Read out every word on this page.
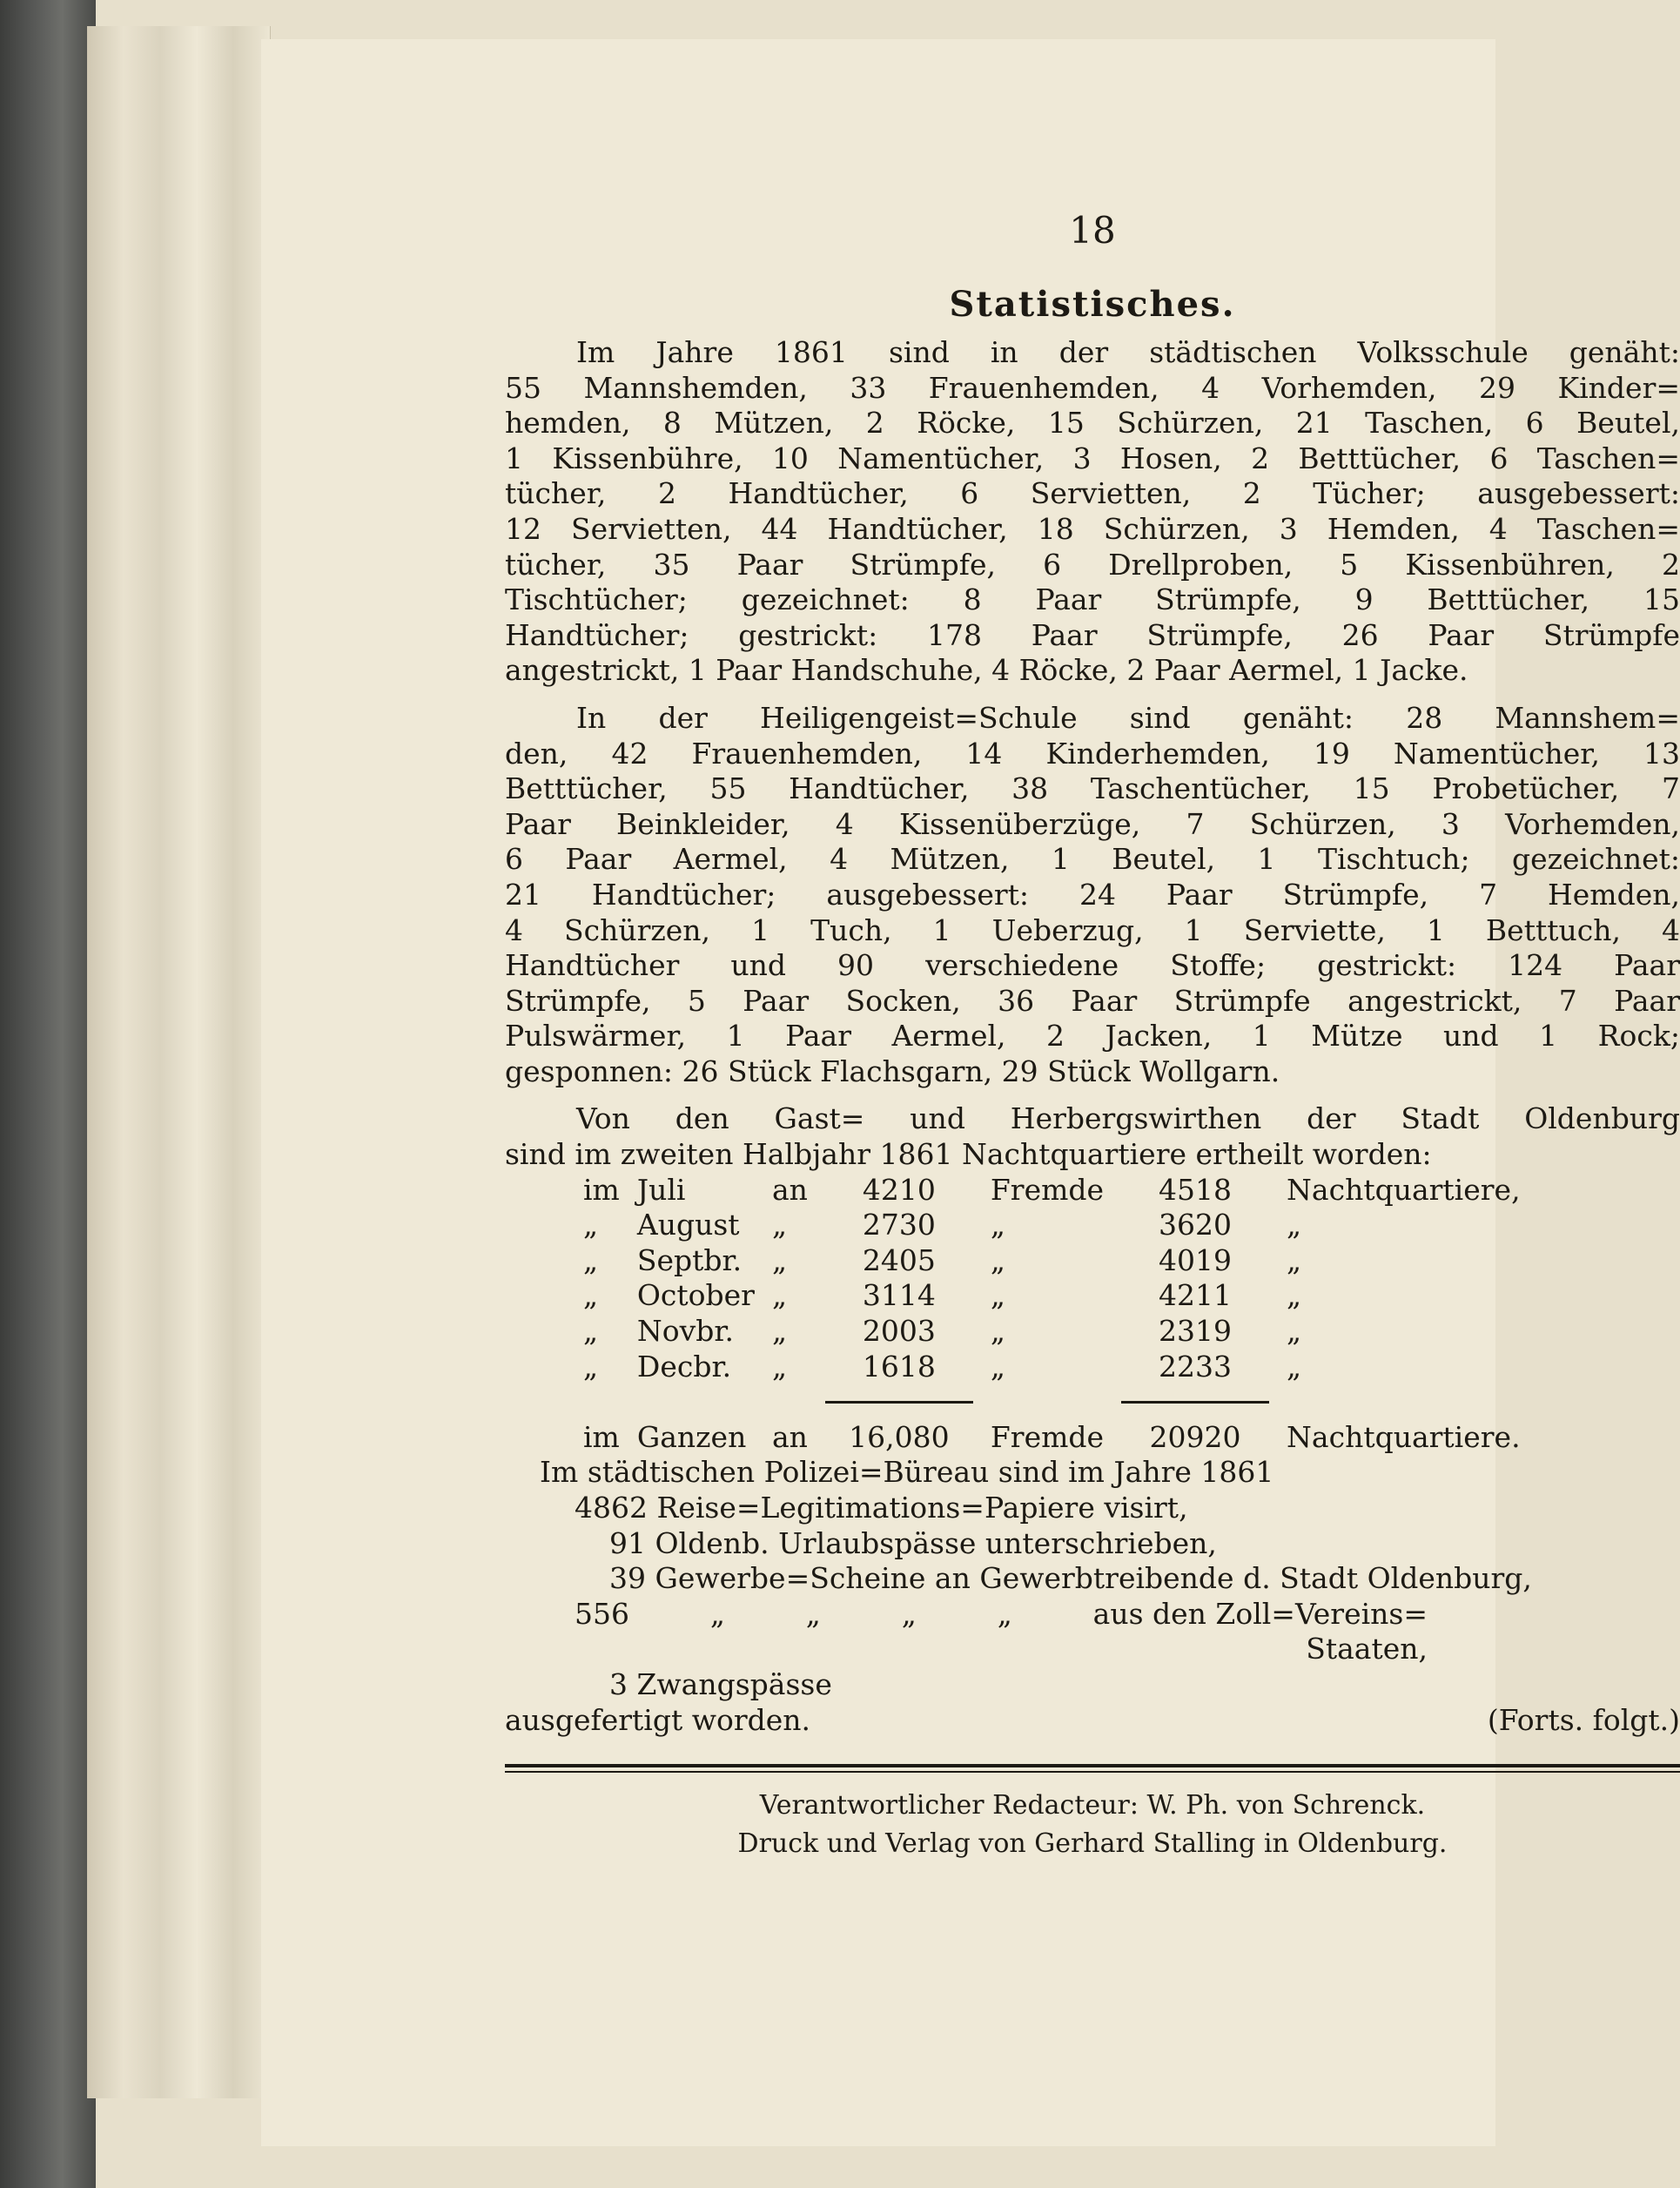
18
Statistisches.

Im Jahre 1861 sind in der städtischen Volksschule genäht:

55 Mannshemden, 33 Frauenhemden, 4 Vorhemden, 29 Kinder=

hemden, 8 Mützen, 2 Röcke, 15 Schürzen, 21 Taschen, 6 Beutel,

1 Kissenbühre, 10 Namentücher, 3 Hosen, 2 Betttücher, 6 Taschen=

tücher, 2 Handtücher, 6 Servietten, 2 Tücher; ausgebessert:

12 Servietten, 44 Handtücher, 18 Schürzen, 3 Hemden, 4 Taschen=

tücher, 35 Paar Strümpfe, 6 Drellproben, 5 Kissenbühren, 2

Tischtücher; gezeichnet: 8 Paar Strümpfe, 9 Betttücher, 15

Handtücher; gestrickt: 178 Paar Strümpfe, 26 Paar Strümpfe

angestrickt, 1 Paar Handschuhe, 4 Röcke, 2 Paar Aermel, 1 Jacke.

In der Heiligengeist=Schule sind genäht: 28 Mannshem=

den, 42 Frauenhemden, 14 Kinderhemden, 19 Namentücher, 13

Betttücher, 55 Handtücher, 38 Taschentücher, 15 Probetücher, 7

Paar Beinkleider, 4 Kissenüberzüge, 7 Schürzen, 3 Vorhemden,

6 Paar Aermel, 4 Mützen, 1 Beutel, 1 Tischtuch; gezeichnet:

21 Handtücher; ausgebessert: 24 Paar Strümpfe, 7 Hemden,

4 Schürzen, 1 Tuch, 1 Ueberzug, 1 Serviette, 1 Betttuch, 4

Handtücher und 90 verschiedene Stoffe; gestrickt: 124 Paar

Strümpfe, 5 Paar Socken, 36 Paar Strümpfe angestrickt, 7 Paar

Pulswärmer, 1 Paar Aermel, 2 Jacken, 1 Mütze und 1 Rock;

gesponnen: 26 Stück Flachsgarn, 29 Stück Wollgarn.

Von den Gast= und Herbergswirthen der Stadt Oldenburg

sind im zweiten Halbjahr 1861 Nachtquartiere ertheilt worden:

im	Juli	an	4210	Fremde	4518	Nachtquartiere,
„	August	„	2730	„	3620	„
„	Septbr.	„	2405	„	4019	„
„	October	„	3114	„	4211	„
„	Novbr.	„	2003	„	2319	„
„	Decbr.	„	1618	„	2233	„

im	Ganzen	an	16,080	Fremde	20920	Nachtquartiere.

Im städtischen Polizei=Büreau sind im Jahre 1861

4862 Reise=Legitimations=Papiere visirt,

91 Oldenb. Urlaubspässe unterschrieben,

39 Gewerbe=Scheine an Gewerbtreibende d. Stadt Oldenburg,

556	„	„	„	„	aus den Zoll=Vereins=
Staaten,

3 Zwangspässe

ausgefertigt worden.	(Forts. folgt.)
Verantwortlicher Redacteur: W. Ph. von Schrenck.
Druck und Verlag von Gerhard Stalling in Oldenburg.
